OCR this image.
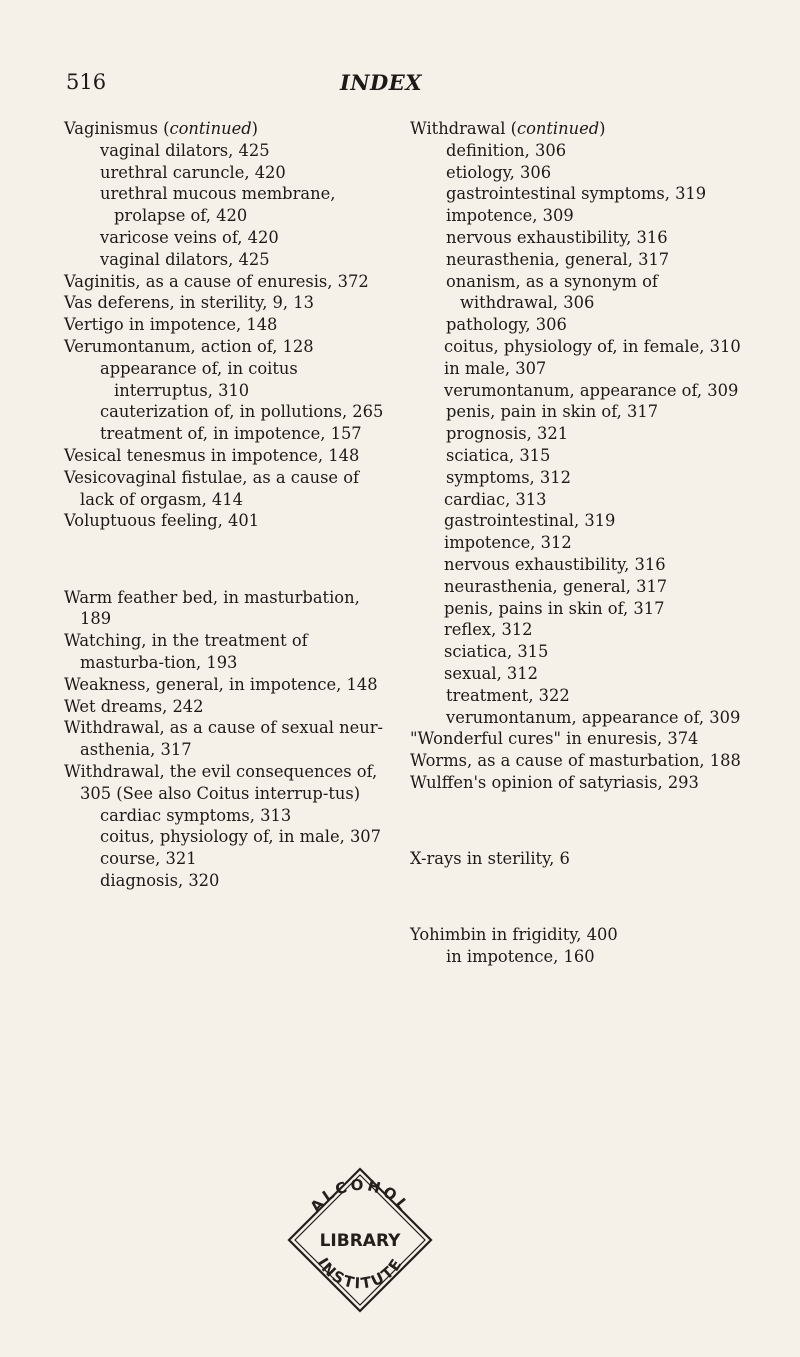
516	INDEX

Vaginismus (continued)

vaginal dilators, 425

urethral caruncle, 420

urethral mucous membrane, prolapse of, 420

varicose veins of, 420

vaginal dilators, 425

Vaginitis, as a cause of enuresis, 372

Vas deferens, in sterility, 9, 13

Vertigo in impotence, 148

Verumontanum, action of, 128

appearance of, in coitus interruptus, 310

cauterization of, in pollutions, 265

treatment of, in impotence, 157

Vesical tenesmus in impotence, 148

Vesicovaginal fistulae, as a cause of lack of orgasm, 414

Voluptuous feeling, 401

Warm feather bed, in masturbation, 189

Watching, in the treatment of masturba-tion, 193

Weakness, general, in impotence, 148

Wet dreams, 242

Withdrawal, as a cause of sexual neur-asthenia, 317

Withdrawal, the evil consequences of, 305 (See also Coitus interrup-tus)

cardiac symptoms, 313

coitus, physiology of, in male, 307

course, 321

diagnosis, 320

Withdrawal (continued)

definition, 306

etiology, 306

gastrointestinal symptoms, 319

impotence, 309

nervous exhaustibility, 316

neurasthenia, general, 317

onanism, as a synonym of withdrawal, 306

pathology, 306

coitus, physiology of, in female, 310

in male, 307

verumontanum, appearance of, 309

penis, pain in skin of, 317

prognosis, 321

sciatica, 315

symptoms, 312

cardiac, 313

gastrointestinal, 319

impotence, 312

nervous exhaustibility, 316

neurasthenia, general, 317

penis, pains in skin of, 317

reflex, 312

sciatica, 315

sexual, 312

treatment, 322

verumontanum, appearance of, 309

"Wonderful cures" in enuresis, 374

Worms, as a cause of masturbation, 188

Wulffen's opinion of satyriasis, 293

X-rays in sterility, 6

Yohimbin in frigidity, 400

in impotence, 160

ALCOHOL
LIBRARY
INSTITUTE
